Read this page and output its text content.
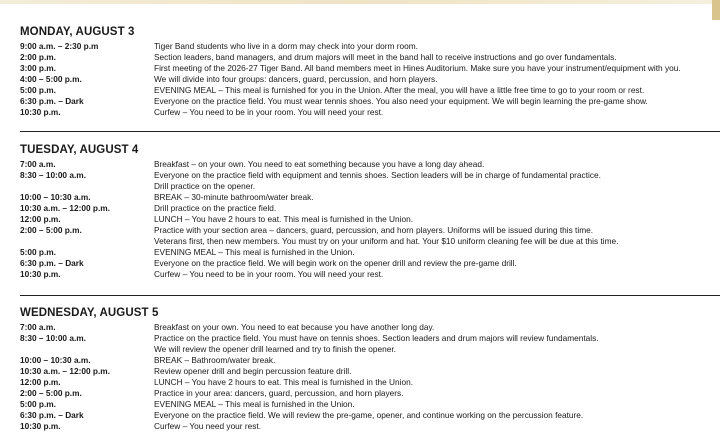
MONDAY, AUGUST 3
9:00 a.m. – 2:30 p.m	Tiger Band students who live in a dorm may check into your dorm room.
2:00 p.m.	Section leaders, band managers, and drum majors will meet in the band hall to receive instructions and go over fundamentals.
3:00 p.m.	First meeting of the 2026-27 Tiger Band. All band members meet in Hines Auditorium. Make sure you have your instrument/equipment with you.
4:00 – 5:00 p.m.	We will divide into four groups: dancers, guard, percussion, and horn players.
5:00 p.m.	EVENING MEAL – This meal is furnished for you in the Union. After the meal, you will have a little free time to go to your room or rest.
6:30 p.m. – Dark	Everyone on the practice field. You must wear tennis shoes. You also need your equipment. We will begin learning the pre-game show.
10:30 p.m.	Curfew – You need to be in your room. You will need your rest.
TUESDAY, AUGUST 4
7:00 a.m.	Breakfast – on your own. You need to eat something because you have a long day ahead.
8:30 – 10:00 a.m.	Everyone on the practice field with equipment and tennis shoes. Section leaders will be in charge of fundamental practice.
Drill practice on the opener.
10:00 – 10:30 a.m.	BREAK – 30-minute bathroom/water break.
10:30 a.m. – 12:00 p.m.	Drill practice on the practice field.
12:00 p.m.	LUNCH – You have 2 hours to eat. This meal is furnished in the Union.
2:00 – 5:00 p.m.	Practice with your section area – dancers, guard, percussion, and horn players. Uniforms will be issued during this time.
Veterans first, then new members. You must try on your uniform and hat. Your $10 uniform cleaning fee will be due at this time.
5:00 p.m.	EVENING MEAL – This meal is furnished in the Union.
6:30 p.m. – Dark	Everyone on the practice field. We will begin work on the opener drill and review the pre-game drill.
10:30 p.m.	Curfew – You need to be in your room. You will need your rest.
WEDNESDAY, AUGUST 5
7:00 a.m.	Breakfast on your own. You need to eat because you have another long day.
8:30 – 10:00 a.m.	Practice on the practice field. You must have on tennis shoes. Section leaders and drum majors will review fundamentals.
We will review the opener drill learned and try to finish the opener.
10:00 – 10:30 a.m.	BREAK – Bathroom/water break.
10:30 a.m. – 12:00 p.m.	Review opener drill and begin percussion feature drill.
12:00 p.m.	LUNCH – You have 2 hours to eat. This meal is furnished in the Union.
2:00 – 5:00 p.m.	Practice in your area: dancers, guard, percussion, and horn players.
5:00 p.m.	EVENING MEAL – This meal is furnished in the Union.
6:30 p.m. – Dark	Everyone on the practice field. We will review the pre-game, opener, and continue working on the percussion feature.
10:30 p.m.	Curfew – You need your rest.
